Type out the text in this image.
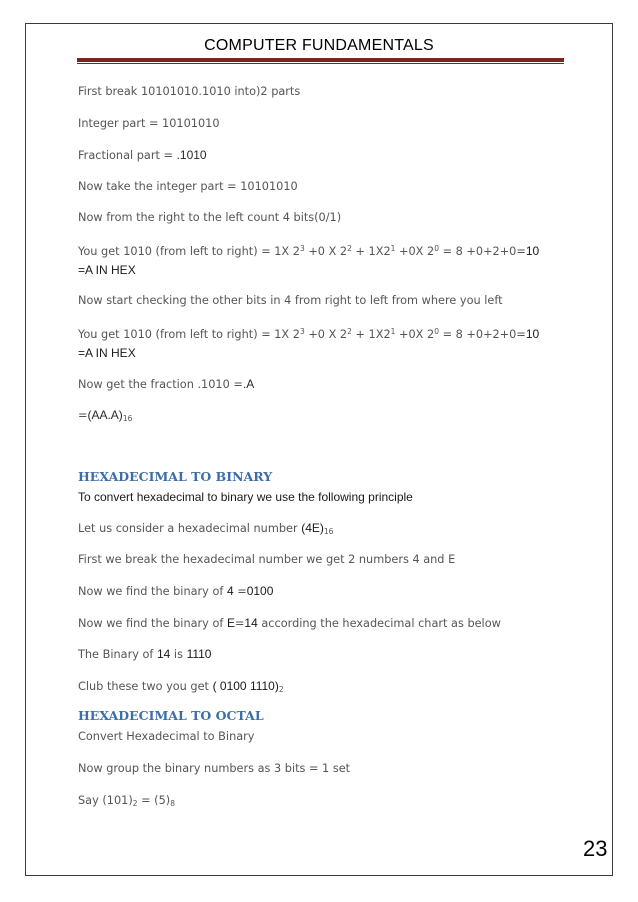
COMPUTER FUNDAMENTALS
First break 10101010.1010 into)2 parts
Integer part = 10101010
Fractional part = .1010
Now take the integer part = 10101010
Now from the right to the left count 4 bits(0/1)
You get 1010 (from left to right) = 1X $2^3 +0$ X $2^2 + 1X2^1 +0X$ $2^0 = 8 +0+2+0=10$
=A IN HEX
Now start checking the other bits in 4 from right to left from where you left
You get 1010 (from left to right) = 1X $2^3 +0$ X $2^2 + 1X2^1 +0X$ $2^0 = 8 +0+2+0=10$
=A IN HEX
Now get the fraction .1010 =.A
$=(AA.A)_{16}$
HEXADECIMAL TO BINARY
To convert hexadecimal to binary we use the following principle
Let us consider a hexadecimal number $(4E)_{16}$
First we break the hexadecimal number we get 2 numbers 4 and E
Now we find the binary of 4 =0100
Now we find the binary of E=14 according the hexadecimal chart as below
The Binary of 14 is 1110
Club these two you get ( 0100 $1110)_2$
HEXADECIMAL TO OCTAL
Convert Hexadecimal to Binary
Now group the binary numbers as 3 bits = 1 set
Say $(101)_2 = (5)_8$
23
